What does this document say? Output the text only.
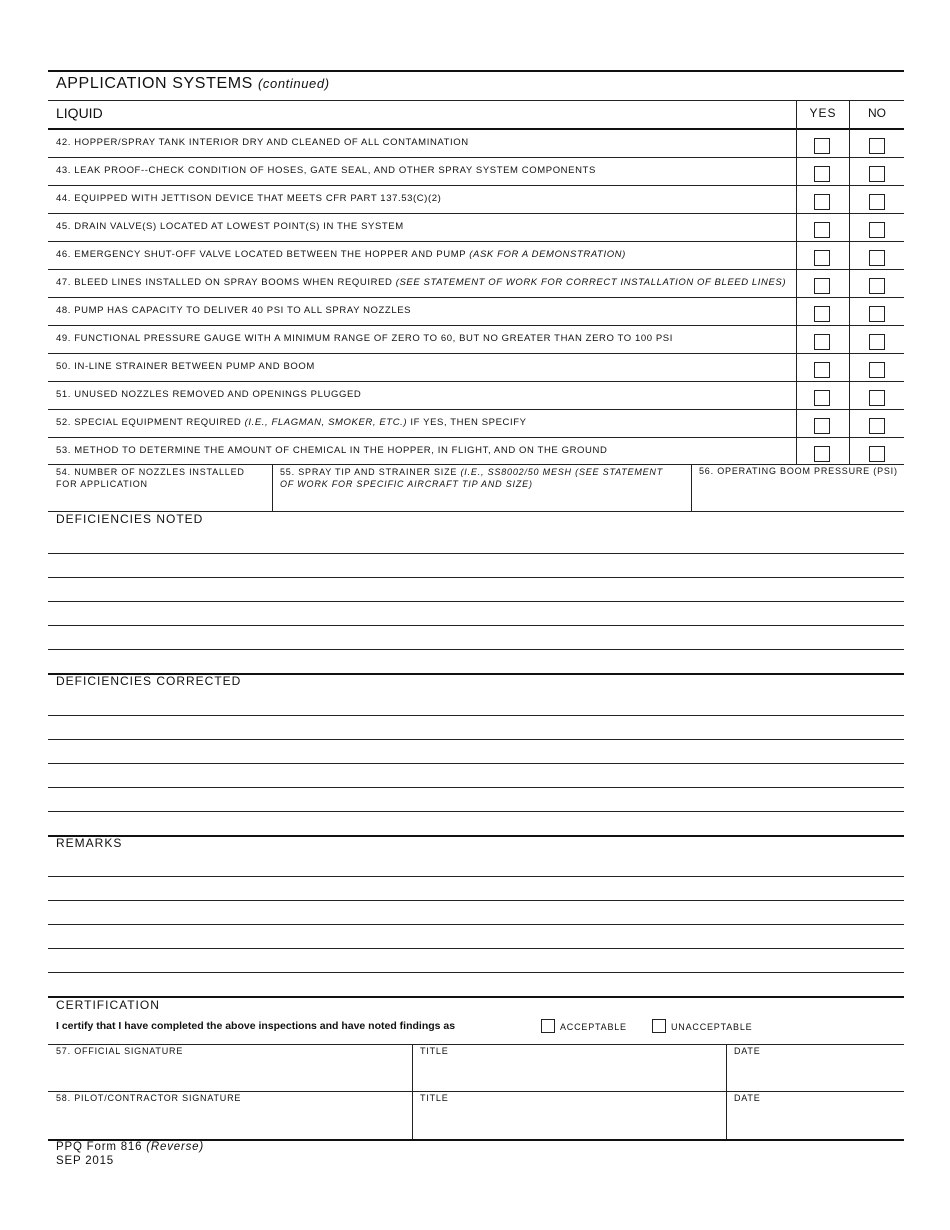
APPLICATION SYSTEMS (continued)
LIQUID	YES	NO
42. HOPPER/SPRAY TANK INTERIOR DRY AND CLEANED OF ALL CONTAMINATION
43. LEAK PROOF--CHECK CONDITION OF HOSES, GATE SEAL, AND OTHER SPRAY SYSTEM COMPONENTS
44. EQUIPPED WITH JETTISON DEVICE THAT MEETS CFR PART 137.53(C)(2)
45. DRAIN VALVE(S) LOCATED AT LOWEST POINT(S) IN THE SYSTEM
46. EMERGENCY SHUT-OFF VALVE LOCATED BETWEEN THE HOPPER AND PUMP (ASK FOR A DEMONSTRATION)
47. BLEED LINES INSTALLED ON SPRAY BOOMS WHEN REQUIRED (SEE STATEMENT OF WORK FOR CORRECT INSTALLATION OF BLEED LINES)
48. PUMP HAS CAPACITY TO DELIVER 40 PSI TO ALL SPRAY NOZZLES
49. FUNCTIONAL PRESSURE GAUGE WITH A MINIMUM RANGE OF ZERO TO 60, BUT NO GREATER THAN ZERO TO 100 PSI
50. IN-LINE STRAINER BETWEEN PUMP AND BOOM
51. UNUSED NOZZLES REMOVED AND OPENINGS PLUGGED
52. SPECIAL EQUIPMENT REQUIRED (I.E., FLAGMAN, SMOKER, ETC.) IF YES, THEN SPECIFY
53. METHOD TO DETERMINE THE AMOUNT OF CHEMICAL IN THE HOPPER, IN FLIGHT, AND ON THE GROUND
54. NUMBER OF NOZZLES INSTALLED FOR APPLICATION
55. SPRAY TIP AND STRAINER SIZE (I.E., SS8002/50 MESH (SEE STATEMENT OF WORK FOR SPECIFIC AIRCRAFT TIP AND SIZE)
56. OPERATING BOOM PRESSURE (PSI)
DEFICIENCIES NOTED
DEFICIENCIES CORRECTED
REMARKS
CERTIFICATION
I certify that I have completed the above inspections and have noted findings as	ACCEPTABLE	UNACCEPTABLE
57. OFFICIAL SIGNATURE	TITLE	DATE
58. PILOT/CONTRACTOR SIGNATURE	TITLE	DATE
PPQ Form 816 (Reverse)
SEP 2015
